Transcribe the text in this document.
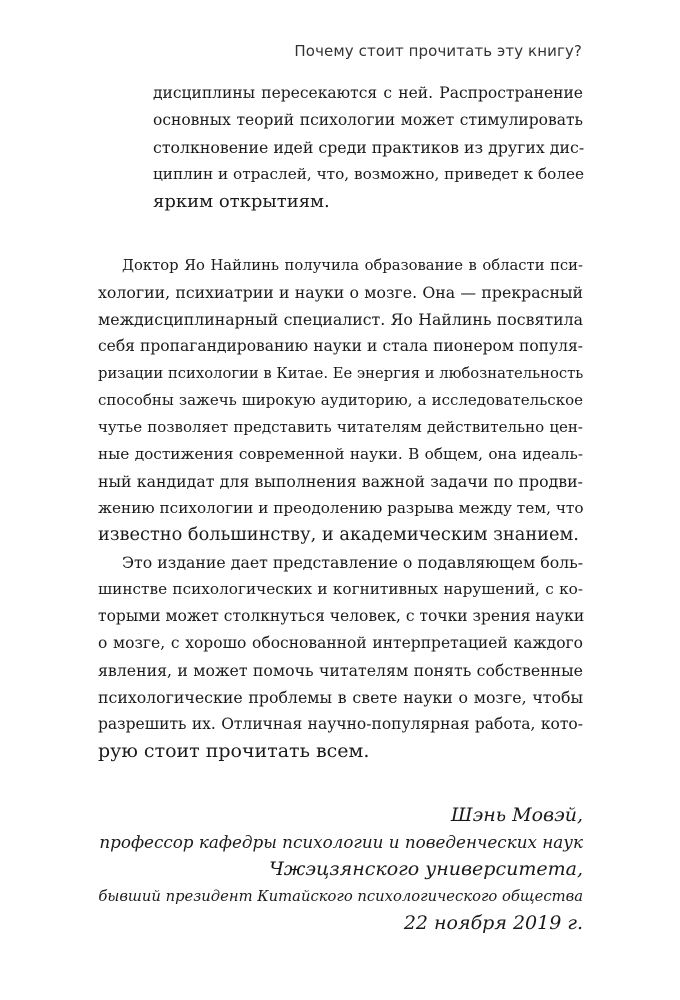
Почему стоит прочитать эту книгу?

дисциплины пересекаются с ней. Распространение
основных теорий психологии может стимулировать
столкновение идей среди практиков из других дис-
циплин и отраслей, что, возможно, приведет к более
ярким открытиям.
Доктор Яо Найлинь получила образование в области пси-
хологии, психиатрии и науки о мозге. Она — прекрасный
междисциплинарный специалист. Яо Найлинь посвятила
себя пропагандированию науки и стала пионером популя-
ризации психологии в Китае. Ее энергия и любознательность
способны зажечь широкую аудиторию, а исследовательское
чутье позволяет представить читателям действительно цен-
ные достижения современной науки. В общем, она идеаль-
ный кандидат для выполнения важной задачи по продви-
жению психологии и преодолению разрыва между тем, что
известно большинству, и академическим знанием.
Это издание дает представление о подавляющем боль-
шинстве психологических и когнитивных нарушений, с ко-
торыми может столкнуться человек, с точки зрения науки
о мозге, с хорошо обоснованной интерпретацией каждого
явления, и может помочь читателям понять собственные
психологические проблемы в свете науки о мозге, чтобы
разрешить их. Отличная научно-популярная работа, кото-
рую стоит прочитать всем.
Шэнь Мовэй,
профессор кафедры психологии и поведенческих наук
Чжэцзянского университета,
бывший президент Китайского психологического общества
22 ноября 2019 г.
